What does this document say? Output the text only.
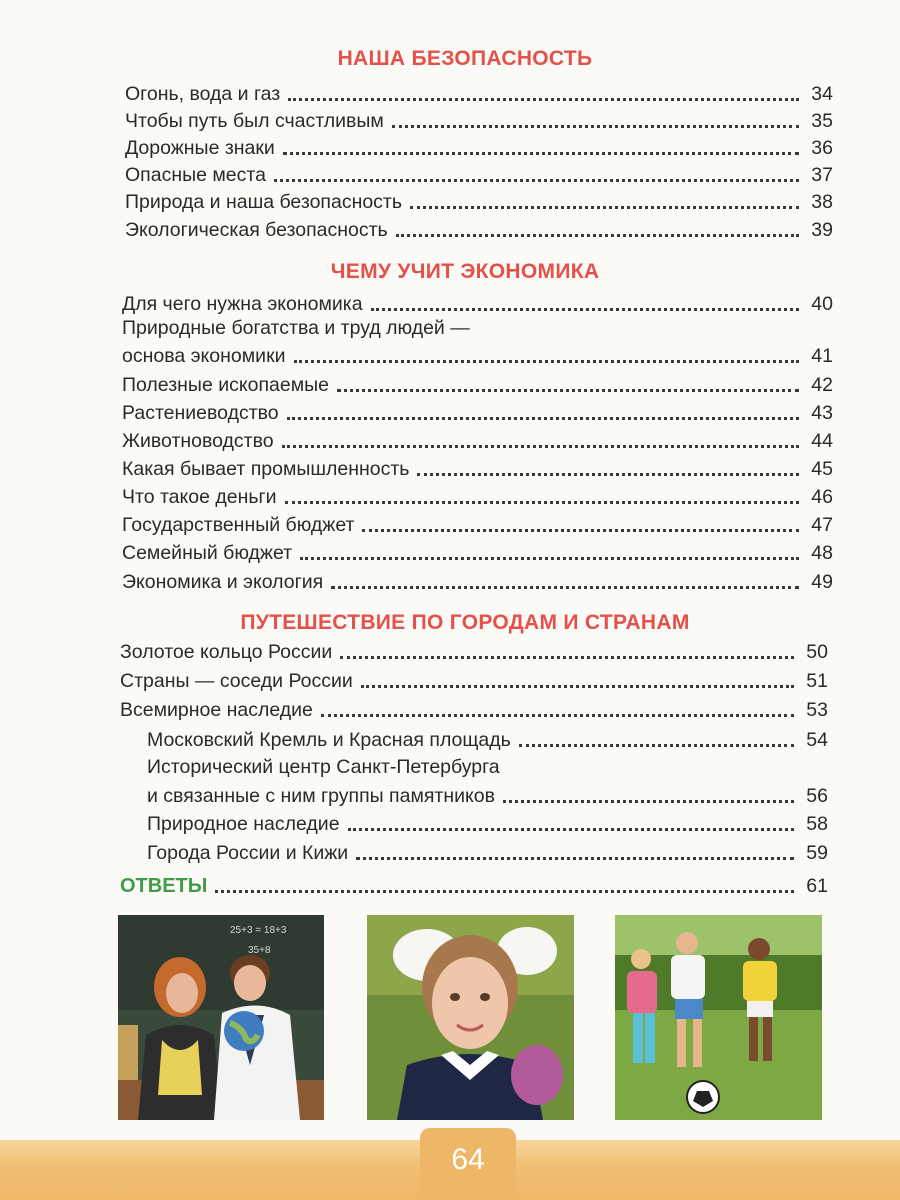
НАША БЕЗОПАСНОСТЬ
Огонь, вода и газ	34
Чтобы путь был счастливым	35
Дорожные знаки	36
Опасные места	37
Природа и наша безопасность	38
Экологическая безопасность	39
ЧЕМУ УЧИТ ЭКОНОМИКА
Для чего нужна экономика	40
Природные богатства и труд людей —
основа экономики	41
Полезные ископаемые	42
Растениеводство	43
Животноводство	44
Какая бывает промышленность	45
Что такое деньги	46
Государственный бюджет	47
Семейный бюджет	48
Экономика и экология	49
ПУТЕШЕСТВИЕ ПО ГОРОДАМ И СТРАНАМ
Золотое кольцо России	50
Страны — соседи России	51
Всемирное наследие	53
Московский Кремль и Красная площадь	54
Исторический центр Санкт-Петербурга
и связанные с ним группы памятников	56
Природное наследие	58
Города России и Кижи	59
ОТВЕТЫ	61
25+3 = 18+3
35+8
64
